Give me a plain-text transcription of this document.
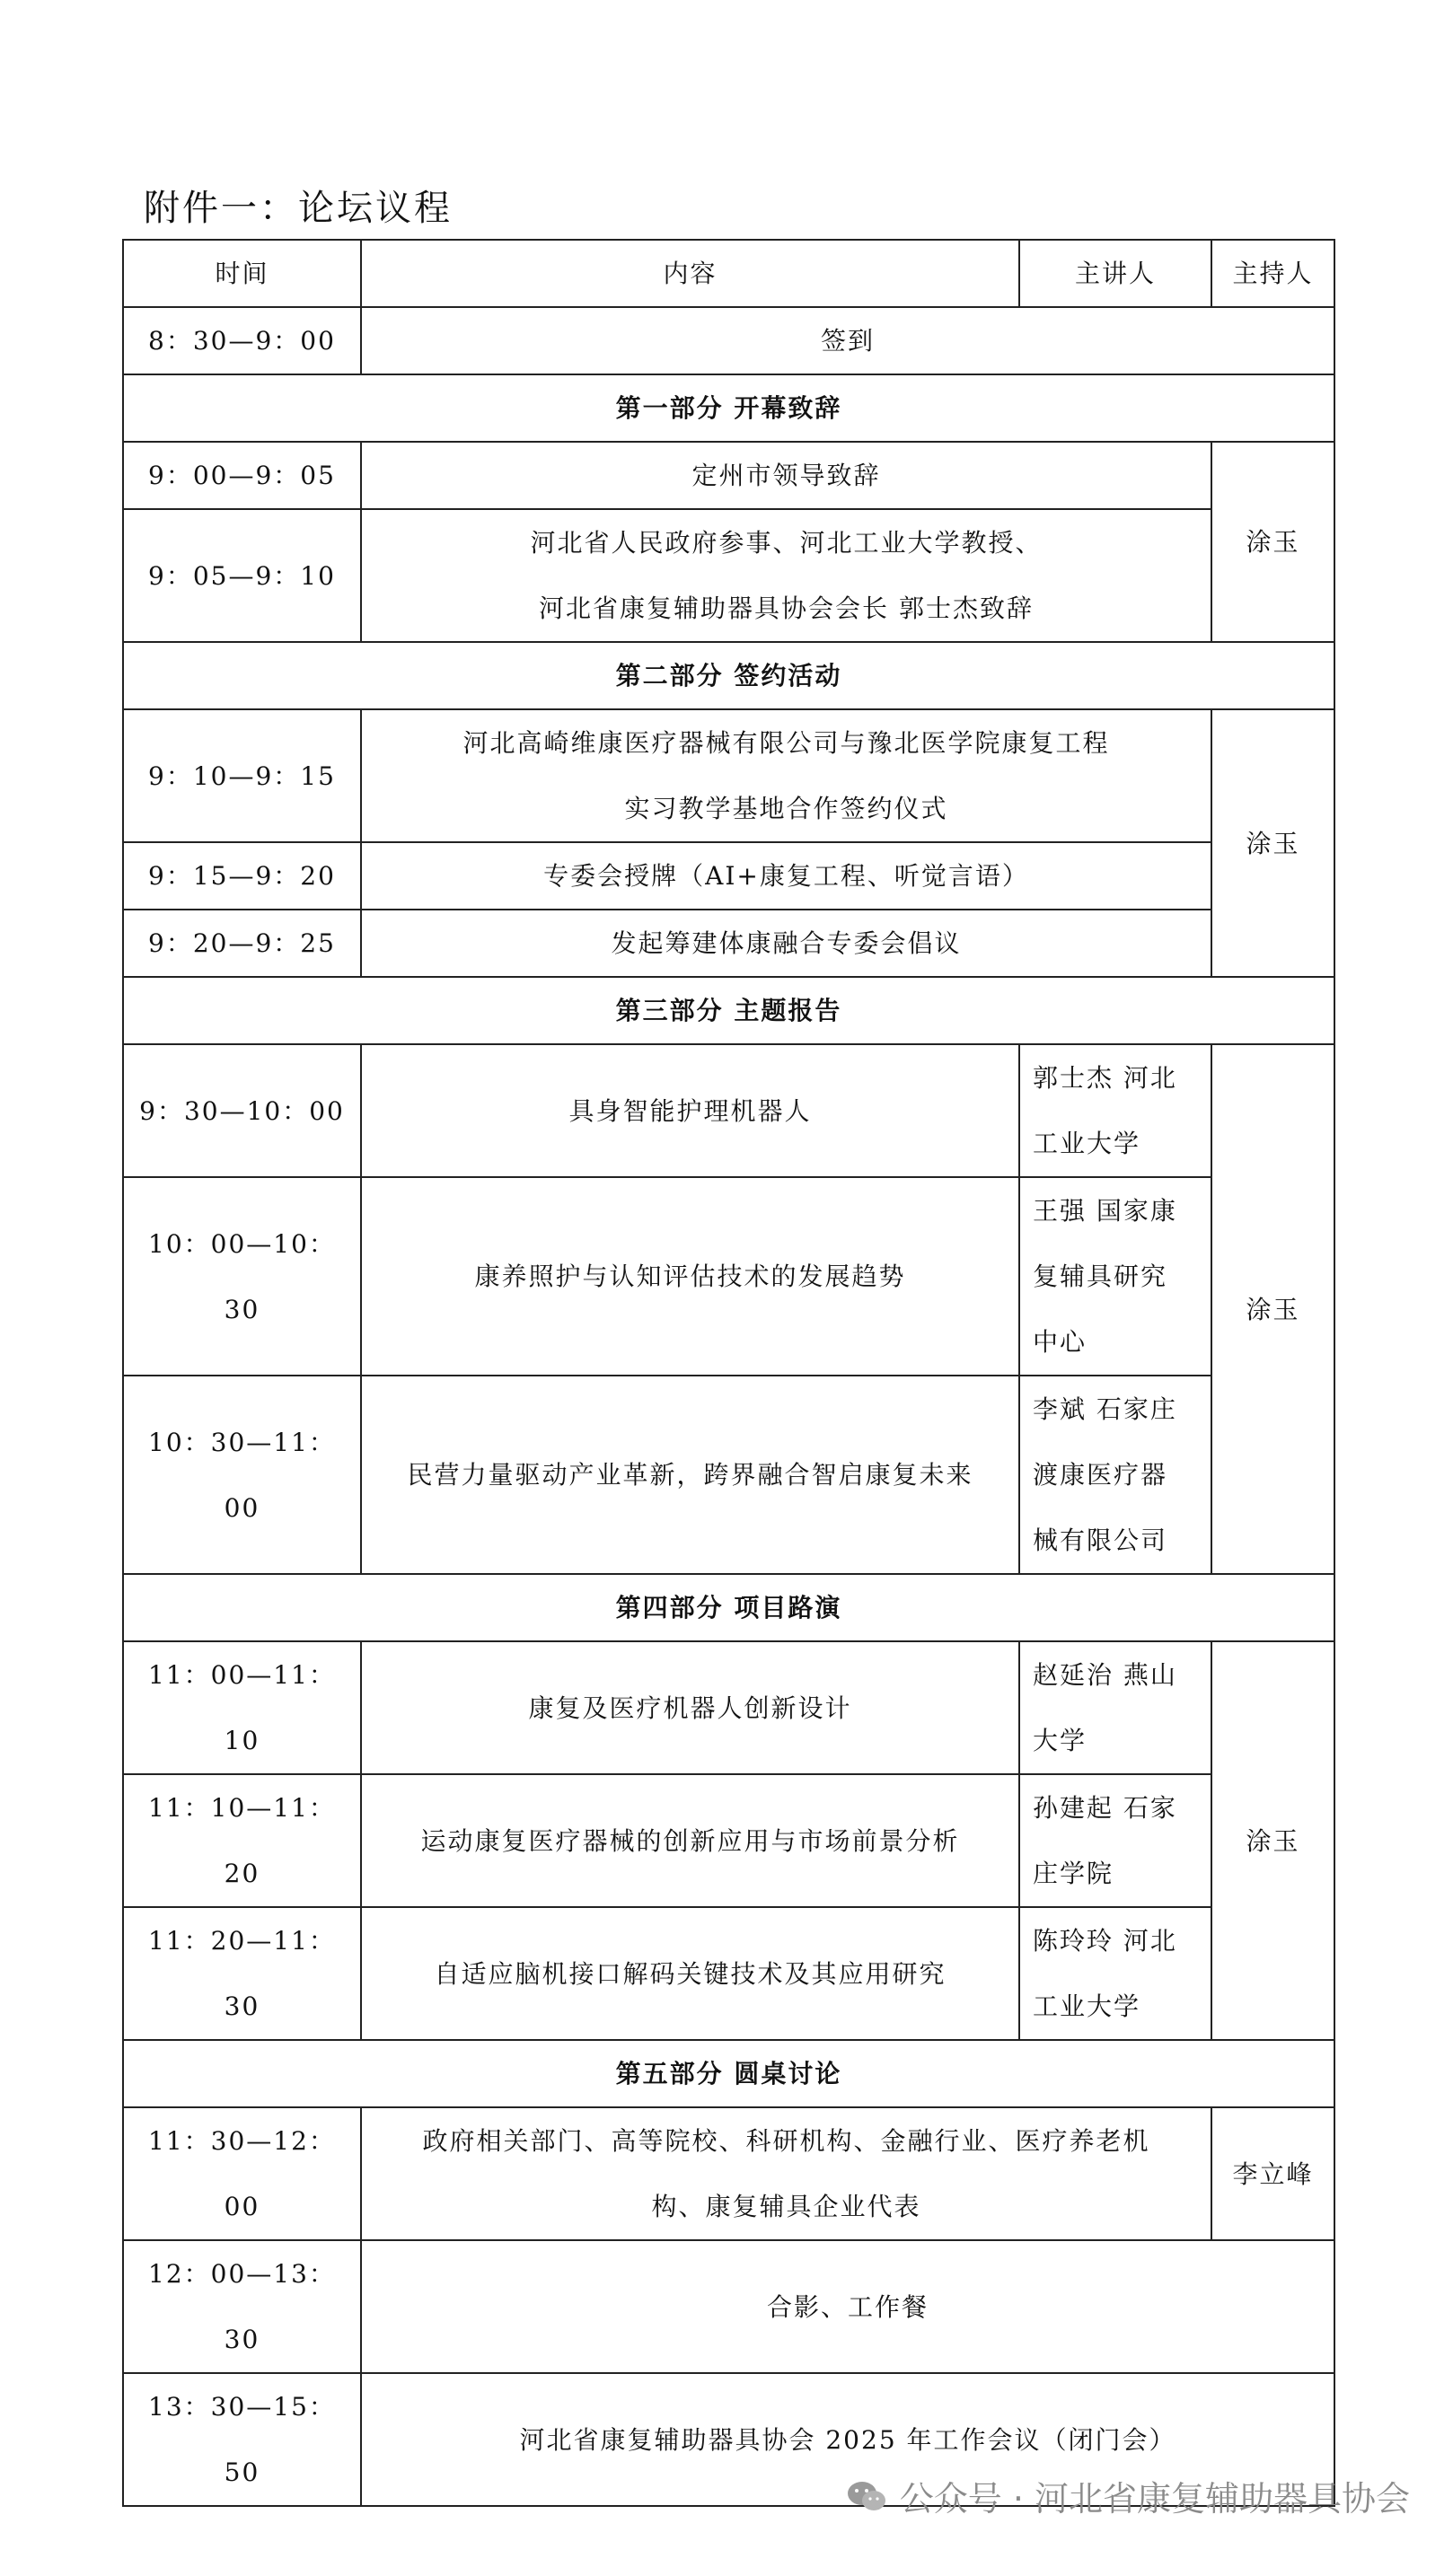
附件一：论坛议程
时间	内容	主讲人	主持人
8：30—9：00	签到		
第一部分 开幕致辞			
9：00—9：05	定州市领导致辞		涂玉
9：05—9：10	河北省人民政府参事、河北工业大学教授、
河北省康复辅助器具协会会长 郭士杰致辞		

第二部分 签约活动			
9：10—9：15	河北高崎维康医疗器械有限公司与豫北医学院康复工程
实习教学基地合作签约仪式		涂玉
9：15—9：20	专委会授牌（AI+康复工程、听觉言语）		
9：20—9：25	发起筹建体康融合专委会倡议		
第三部分 主题报告			
9：30—10：00	具身智能护理机器人	郭士杰 河北
工业大学	涂玉
10：00—10：30	康养照护与认知评估技术的发展趋势	王强 国家康
复辅具研究
中心	

10：30—11：00	民营力量驱动产业革新，跨界融合智启康复未来	李斌 石家庄
渡康医疗器
械有限公司	

第四部分 项目路演			
11：00—11：10	康复及医疗机器人创新设计	赵延治 燕山
大学	涂玉
11：10—11：20	运动康复医疗器械的创新应用与市场前景分析	孙建起 石家
庄学院	

11：20—11：30	自适应脑机接口解码关键技术及其应用研究	陈玲玲 河北
工业大学	

第五部分 圆桌讨论			
11：30—12：00	政府相关部门、高等院校、科研机构、金融行业、医疗养老机
构、康复辅具企业代表		李立峰
12：00—13：30	合影、工作餐		
13：30—15：50	河北省康复辅助器具协会 2025 年工作会议（闭门会）		
公众号 · 河北省康复辅助器具协会
